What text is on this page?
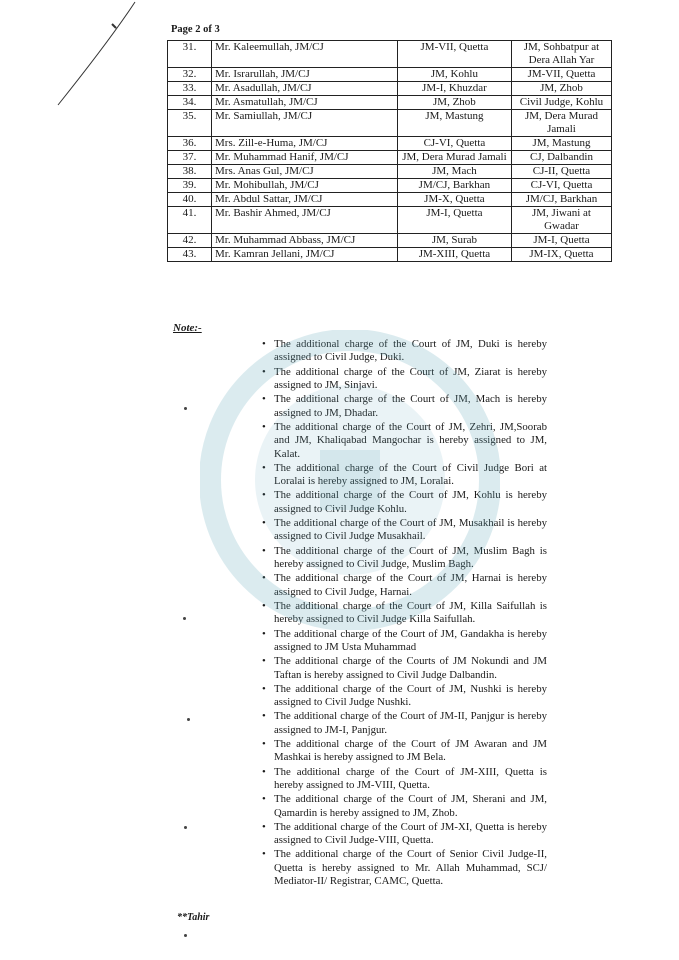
Page 2 of 3
31.	Mr. Kaleemullah, JM/CJ	JM-VII, Quetta	JM, Sohbatpur at Dera Allah Yar
32.	Mr. Israrullah, JM/CJ	JM, Kohlu	JM-VII, Quetta
33.	Mr. Asadullah, JM/CJ	JM-I, Khuzdar	JM, Zhob
34.	Mr. Asmatullah, JM/CJ	JM, Zhob	Civil Judge, Kohlu
35.	Mr. Samiullah, JM/CJ	JM, Mastung	JM, Dera Murad Jamali
36.	Mrs. Zill-e-Huma, JM/CJ	CJ-VI, Quetta	JM, Mastung
37.	Mr. Muhammad Hanif, JM/CJ	JM, Dera Murad Jamali	CJ, Dalbandin
38.	Mrs. Anas Gul, JM/CJ	JM, Mach	CJ-II, Quetta
39.	Mr. Mohibullah, JM/CJ	JM/CJ, Barkhan	CJ-VI, Quetta
40.	Mr. Abdul Sattar, JM/CJ	JM-X, Quetta	JM/CJ, Barkhan
41.	Mr. Bashir Ahmed, JM/CJ	JM-I, Quetta	JM, Jiwani at Gwadar
42.	Mr. Muhammad Abbass, JM/CJ	JM, Surab	JM-I, Quetta
43.	Mr. Kamran Jellani, JM/CJ	JM-XIII, Quetta	JM-IX, Quetta
Note:-
• The additional charge of the Court of JM, Duki is hereby assigned to Civil Judge, Duki.
• The additional charge of the Court of JM, Ziarat is hereby assigned to JM, Sinjavi.
• The additional charge of the Court of JM, Mach is hereby assigned to JM, Dhadar.
• The additional charge of the Court of JM, Zehri, JM,Soorab and JM, Khaliqabad Mangochar is hereby assigned to JM, Kalat.
• The additional charge of the Court of Civil Judge Bori at Loralai is hereby assigned to JM, Loralai.
• The additional charge of the Court of JM, Kohlu is hereby assigned to Civil Judge Kohlu.
• The additional charge of the Court of JM, Musakhail is hereby assigned to Civil Judge Musakhail.
• The additional charge of the Court of JM, Muslim Bagh is hereby assigned to Civil Judge, Muslim Bagh.
• The additional charge of the Court of JM, Harnai is hereby assigned to Civil Judge, Harnai.
• The additional charge of the Court of JM, Killa Saifullah is hereby assigned to Civil Judge Killa Saifullah.
• The additional charge of the Court of JM, Gandakha is hereby assigned to JM Usta Muhammad
• The additional charge of the Courts of JM Nokundi and JM Taftan is hereby assigned to Civil Judge Dalbandin.
• The additional charge of the Court of JM, Nushki is hereby assigned to Civil Judge Nushki.
• The additional charge of the Court of JM-II, Panjgur is hereby assigned to JM-I, Panjgur.
• The additional charge of the Court of JM Awaran and JM Mashkai is hereby assigned to JM Bela.
• The additional charge of the Court of JM-XIII, Quetta is hereby assigned to JM-VIII, Quetta.
• The additional charge of the Court of JM, Sherani and JM, Qamardin is hereby assigned to JM, Zhob.
• The additional charge of the Court of JM-XI, Quetta is hereby assigned to Civil Judge-VIII, Quetta.
• The additional charge of the Court of Senior Civil Judge-II, Quetta is hereby assigned to Mr. Allah Muhammad, SCJ/ Mediator-II/ Registrar, CAMC, Quetta.
**Tahir
